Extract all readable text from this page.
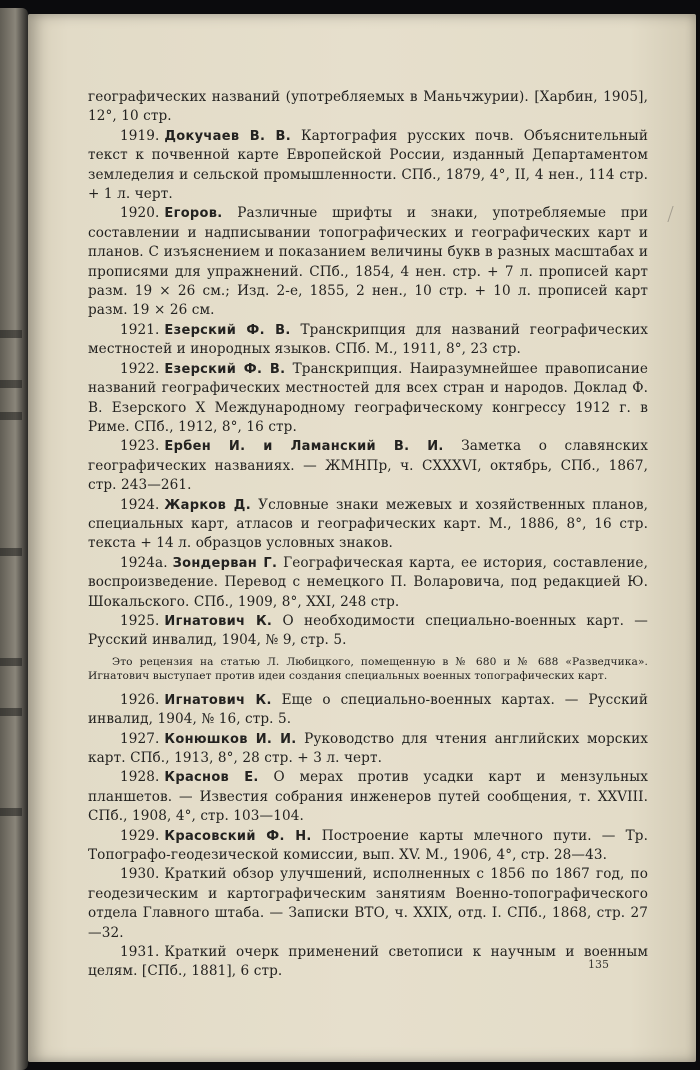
географических названий (употребляемых в Маньчжурии). [Харбин, 1905], 12°, 10 стр.

1919. Докучаев В. В. Картография русских почв. Объяснительный текст к почвенной карте Европейской России, изданный Департаментом земледелия и сельской промышленности. СПб., 1879, 4°, II, 4 нен., 114 стр. + 1 л. черт.

1920. Егоров. Различные шрифты и знаки, употребляемые при составлении и надписывании топографических и географических карт и планов. С изъяснением и показанием величины букв в разных масштабах и прописями для упражнений. СПб., 1854, 4 нен. стр. + 7 л. прописей карт разм. 19 × 26 см.; Изд. 2-е, 1855, 2 нен., 10 стр. + 10 л. прописей карт разм. 19 × 26 см.

1921. Езерский Ф. В. Транскрипция для названий географических местностей и инородных языков. СПб. М., 1911, 8°, 23 стр.

1922. Езерский Ф. В. Транскрипция. Наиразумнейшее правописание названий географических местностей для всех стран и народов. Доклад Ф. В. Езерского X Международному географическому конгрессу 1912 г. в Риме. СПб., 1912, 8°, 16 стр.

1923. Ербен И. и Ламанский В. И. Заметка о славянских географических названиях. — ЖМНПр, ч. CXXXVI, октябрь, СПб., 1867, стр. 243—261.

1924. Жарков Д. Условные знаки межевых и хозяйственных планов, специальных карт, атласов и географических карт. М., 1886, 8°, 16 стр. текста + 14 л. образцов условных знаков.

1924а. Зондерван Г. Географическая карта, ее история, составление, воспроизведение. Перевод с немецкого П. Воларовича, под редакцией Ю. Шокальского. СПб., 1909, 8°, XXI, 248 стр.

1925. Игнатович К. О необходимости специально-военных карт. — Русский инвалид, 1904, № 9, стр. 5.

Это рецензия на статью Л. Любицкого, помещенную в № 680 и № 688 «Разведчика». Игнатович выступает против идеи создания специальных военных топографических карт.

1926. Игнатович К. Еще о специально-военных картах. — Русский инвалид, 1904, № 16, стр. 5.

1927. Конюшков И. И. Руководство для чтения английских морских карт. СПб., 1913, 8°, 28 стр. + 3 л. черт.

1928. Краснов Е. О мерах против усадки карт и мензульных планшетов. — Известия собрания инженеров путей сообщения, т. XXVIII. СПб., 1908, 4°, стр. 103—104.

1929. Красовский Ф. Н. Построение карты млечного пути. — Тр. Топографо-геодезической комиссии, вып. XV. М., 1906, 4°, стр. 28—43.

1930. Краткий обзор улучшений, исполненных с 1856 по 1867 год, по геодезическим и картографическим занятиям Военно-топографического отдела Главного штаба. — Записки ВТО, ч. XXIX, отд. I. СПб., 1868, стр. 27—32.

1931. Краткий очерк применений светописи к научным и военным целям. [СПб., 1881], 6 стр.	135
